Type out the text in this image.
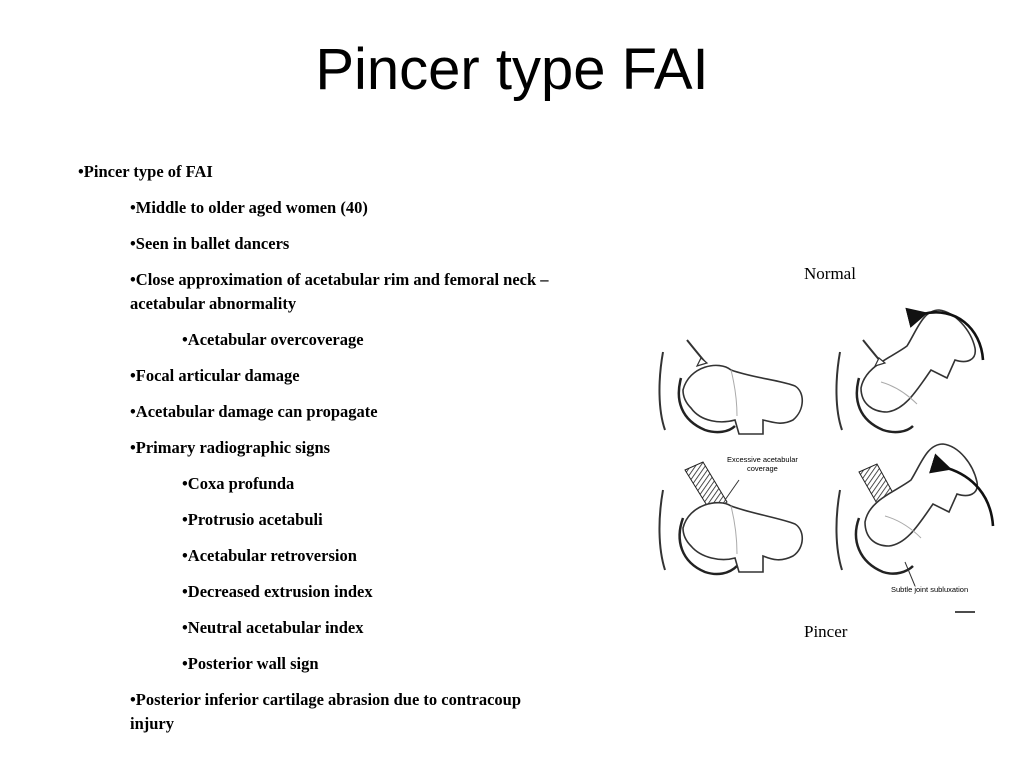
Pincer type FAI
•Pincer type of FAI
•Middle to older aged women (40)
•Seen in ballet dancers
•Close approximation of acetabular rim and femoral neck – acetabular abnormality
•Acetabular overcoverage
•Focal articular damage
•Acetabular damage can propagate
•Primary radiographic signs
•Coxa profunda
•Protrusio acetabuli
•Acetabular retroversion
•Decreased extrusion index
•Neutral acetabular index
•Posterior wall sign
•Posterior inferior cartilage abrasion due to contracoup injury
Normal
Pincer
Excessive acetabular
coverage
Subtle joint subluxation
